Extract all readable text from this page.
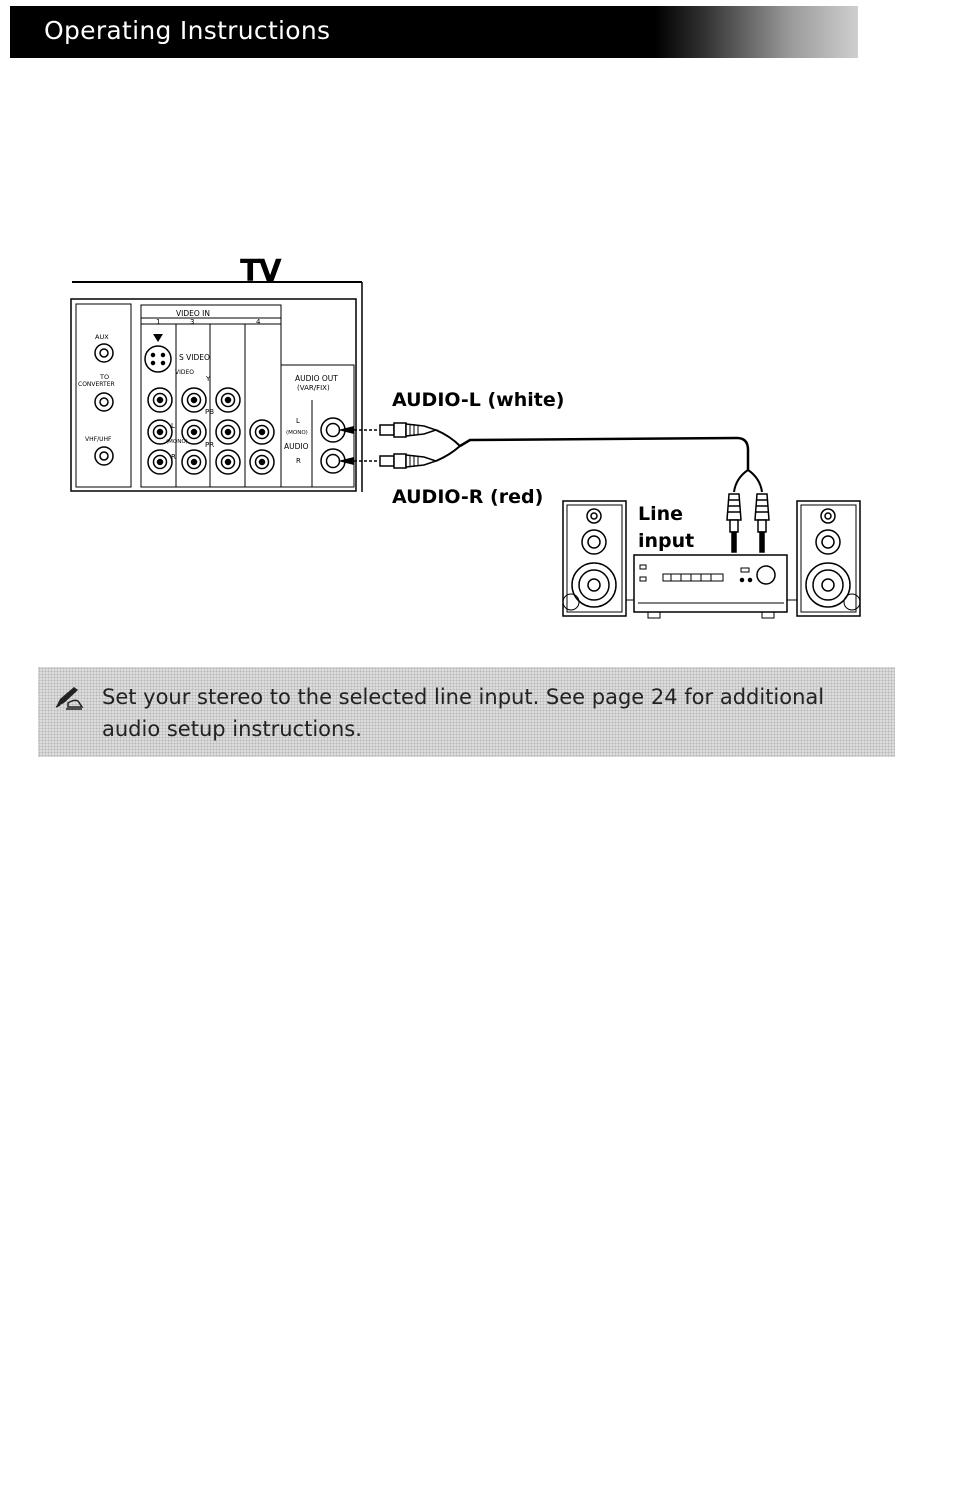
Operating Instructions
VIDEO IN
1	3	4
AUX
TO
CONVERTER
VHF/UHF
S VIDEO
VIDEO
Y
PB
PR
L
R
(MONO)
AUDIO OUT
(VAR/FIX)
L
(MONO)
AUDIO
R
TV
AUDIO-L (white)
AUDIO-R (red)
Line
input
Set your stereo to the selected line input. See page 24 for additional audio setup instructions.
